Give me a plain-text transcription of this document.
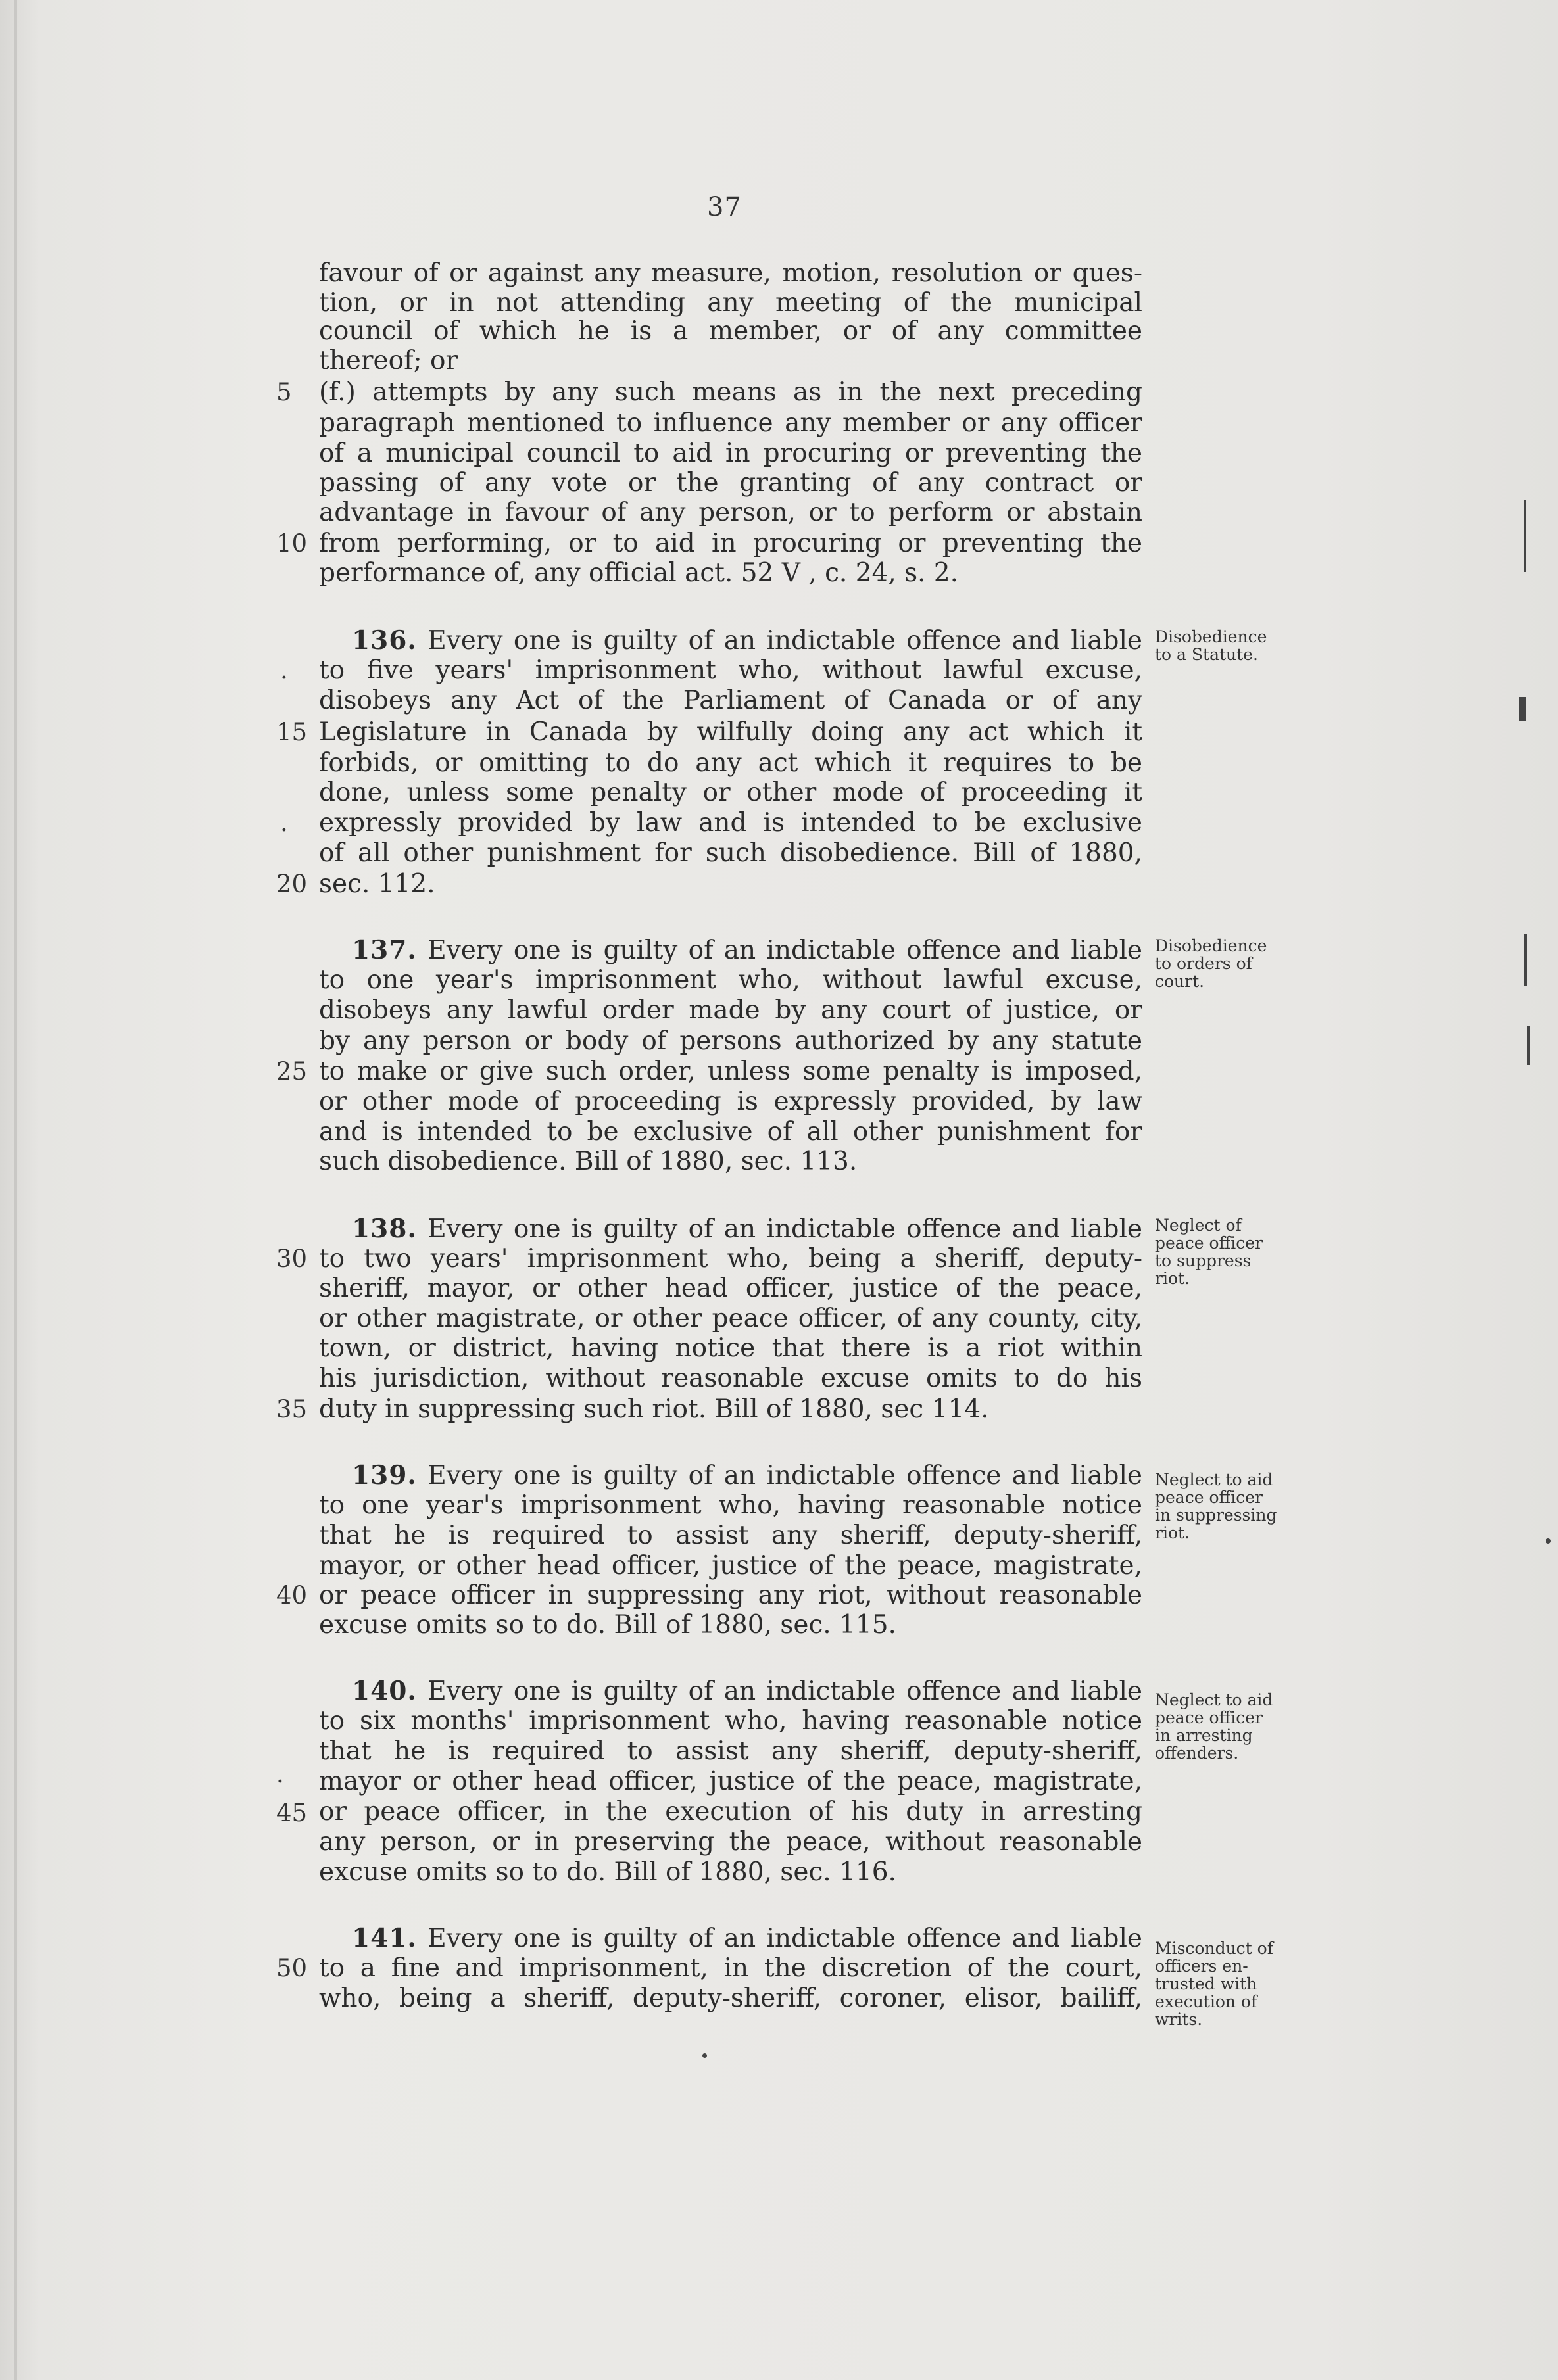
37
favour of or against any measure, motion, resolution or ques-
tion, or in not attending any meeting of the municipal
council of which he is a member, or of any committee
thereof; or
(f.) attempts by any such means as in the next preceding
5
paragraph mentioned to influence any member or any officer
of a municipal council to aid in procuring or preventing the
passing of any vote or the granting of any contract or
advantage in favour of any person, or to perform or abstain
from performing, or to aid in procuring or preventing the
10
performance of, any official act. 52 V , c. 24, s. 2.
136. Every one is guilty of an indictable offence and liable
to five years' imprisonment who, without lawful excuse,
.
disobeys any Act of the Parliament of Canada or of any
Legislature in Canada by wilfully doing any act which it
15
forbids, or omitting to do any act which it requires to be
done, unless some penalty or other mode of proceeding it
expressly provided by law and is intended to be exclusive
.
of all other punishment for such disobedience. Bill of 1880,
sec. 112.
20
137. Every one is guilty of an indictable offence and liable
to one year's imprisonment who, without lawful excuse,
disobeys any lawful order made by any court of justice, or
by any person or body of persons authorized by any statute
to make or give such order, unless some penalty is imposed,
25
or other mode of proceeding is expressly provided, by law
and is intended to be exclusive of all other punishment for
such disobedience. Bill of 1880, sec. 113.
138. Every one is guilty of an indictable offence and liable
to two years' imprisonment who, being a sheriff, deputy-
30
sheriff, mayor, or other head officer, justice of the peace,
or other magistrate, or other peace officer, of any county, city,
town, or district, having notice that there is a riot within
his jurisdiction, without reasonable excuse omits to do his
duty in suppressing such riot. Bill of 1880, sec 114.
35
139. Every one is guilty of an indictable offence and liable
to one year's imprisonment who, having reasonable notice
that he is required to assist any sheriff, deputy-sheriff,
mayor, or other head officer, justice of the peace, magistrate,
or peace officer in suppressing any riot, without reasonable
40
excuse omits so to do. Bill of 1880, sec. 115.
140. Every one is guilty of an indictable offence and liable
to six months' imprisonment who, having reasonable notice
that he is required to assist any sheriff, deputy-sheriff,
mayor or other head officer, justice of the peace, magistrate,
· 45 or peace officer, in the execution of his duty in arresting
any person, or in preserving the peace, without reasonable
excuse omits so to do. Bill of 1880, sec. 116.
141. Every one is guilty of an indictable offence and liable
to a fine and imprisonment, in the discretion of the court,
50
who, being a sheriff, deputy-sheriff, coroner, elisor, bailiff,
Disobedience
to a Statute.
Disobedience
to orders of
court.
Neglect of
peace officer
to suppress
riot.
Neglect to aid
peace officer
in suppressing
riot.
Neglect to aid
peace officer
in arresting
offenders.
Misconduct of
officers en-
trusted with
execution of
writs.
